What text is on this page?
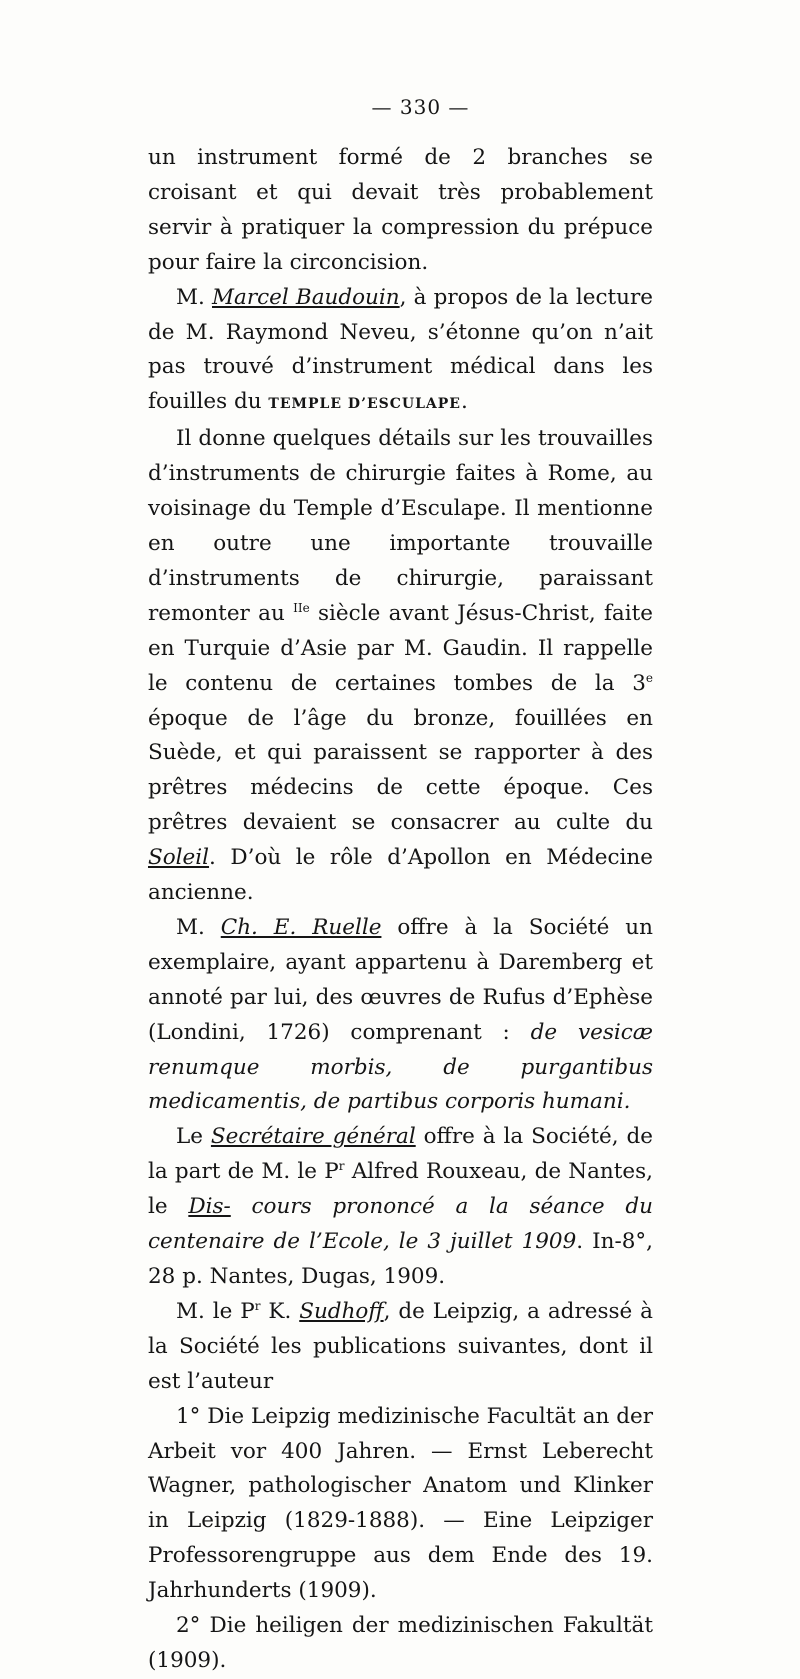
— 330 —

un instrument formé de 2 branches se croisant et qui devait très probablement servir à pratiquer la compression du prépuce pour faire la circoncision.

M. Marcel Baudouin, à propos de la lecture de M. Raymond Neveu, s’étonne qu’on n’ait pas trouvé d’instrument médical dans les fouilles du TEMPLE D’ESCULAPE.

Il donne quelques détails sur les trouvailles d’instruments de chirurgie faites à Rome, au voisinage du Temple d’Esculape. Il mentionne en outre une importante trouvaille d’instruments de chirurgie, paraissant remonter au $^{IIe}$ siècle avant Jésus-Christ, faite en Turquie d’Asie par M. Gaudin. Il rappelle le contenu de certaines tombes de la 3e époque de l’âge du bronze, fouillées en Suède, et qui paraissent se rapporter à des prêtres médecins de cette époque. Ces prêtres devaient se consacrer au culte du Soleil. D’où le rôle d’Apollon en Médecine ancienne.

M. Ch. E. Ruelle offre à la Société un exemplaire, ayant appartenu à Daremberg et annoté par lui, des œuvres de Rufus d’Ephèse (Londini, 1726) comprenant : de vesicæ renumque morbis, de purgantibus medicamentis, de partibus corporis humani.

Le Secrétaire général offre à la Société, de la part de M. le $P^r$ Alfred Rouxeau, de Nantes, le Dis- cours prononcé a la séance du centenaire de l’Ecole, le 3 juillet 1909. In-8°, 28 p. Nantes, Dugas, 1909.

M. le $P^r$ K. Sudhoff, de Leipzig, a adressé à la Société les publications suivantes, dont il est l’auteur

1° Die Leipzig medizinische Facultät an der Arbeit vor 400 Jahren. — Ernst Leberecht Wagner, pathologischer Anatom und Klinker in Leipzig (1829-1888). — Eine Leipziger Professorengruppe aus dem Ende des 19. Jahrhunderts (1909).

2° Die heiligen der medizinischen Fakultät (1909).
